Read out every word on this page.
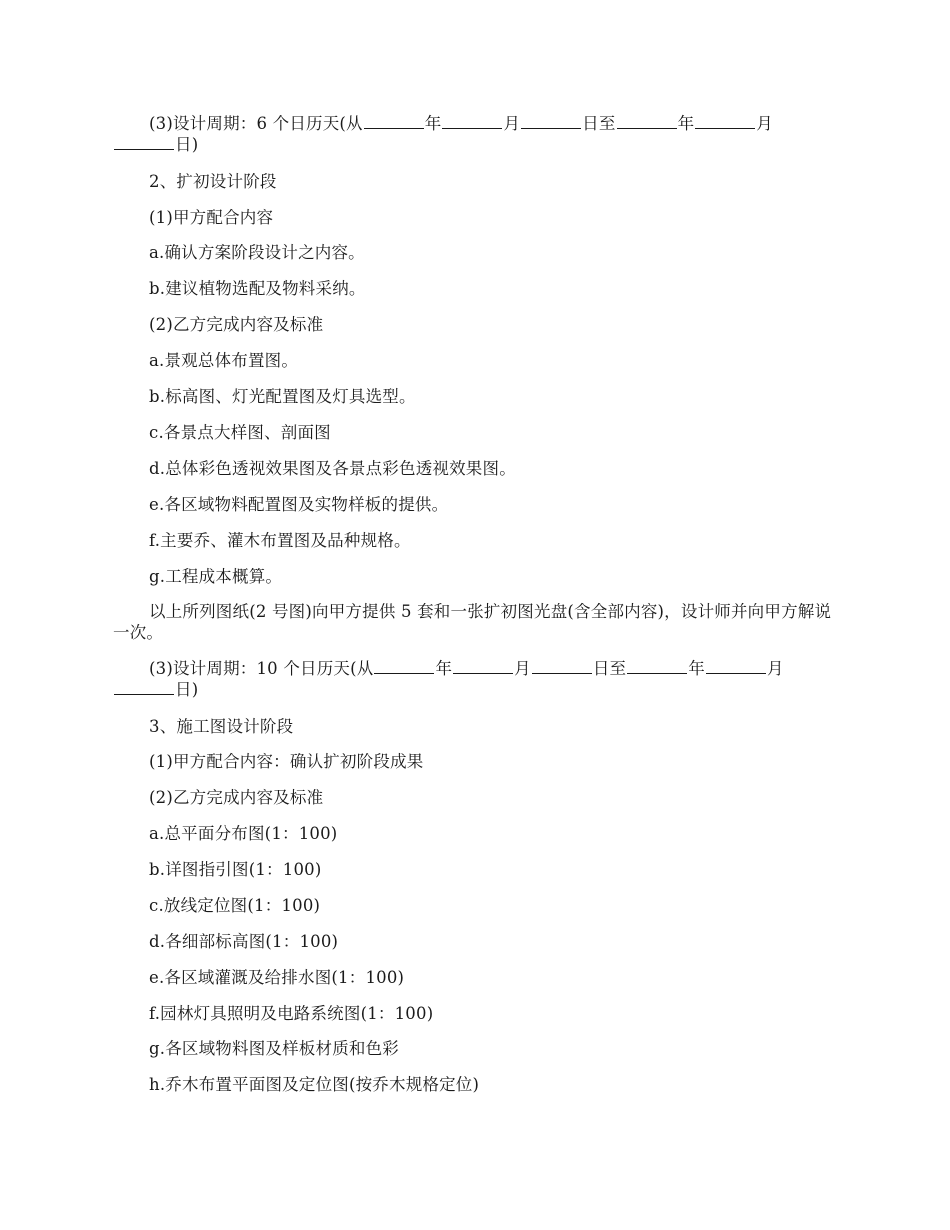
(3)设计周期：6 个日历天(从	年	月	日至	年	月日)
2、扩初设计阶段
(1)甲方配合内容
a.确认方案阶段设计之内容。
b.建议植物选配及物料采纳。
(2)乙方完成内容及标准
a.景观总体布置图。
b.标高图、灯光配置图及灯具选型。
c.各景点大样图、剖面图
d.总体彩色透视效果图及各景点彩色透视效果图。
e.各区域物料配置图及实物样板的提供。
f.主要乔、灌木布置图及品种规格。
g.工程成本概算。
以上所列图纸(2 号图)向甲方提供 5 套和一张扩初图光盘(含全部内容)，设计师并向甲方解说一次。
(3)设计周期：10 个日历天(从	年	月	日至	年	月日)
3、施工图设计阶段
(1)甲方配合内容：确认扩初阶段成果
(2)乙方完成内容及标准
a.总平面分布图(1：100)
b.详图指引图(1：100)
c.放线定位图(1：100)
d.各细部标高图(1：100)
e.各区域灌溉及给排水图(1：100)
f.园林灯具照明及电路系统图(1：100)
g.各区域物料图及样板材质和色彩
h.乔木布置平面图及定位图(按乔木规格定位)
